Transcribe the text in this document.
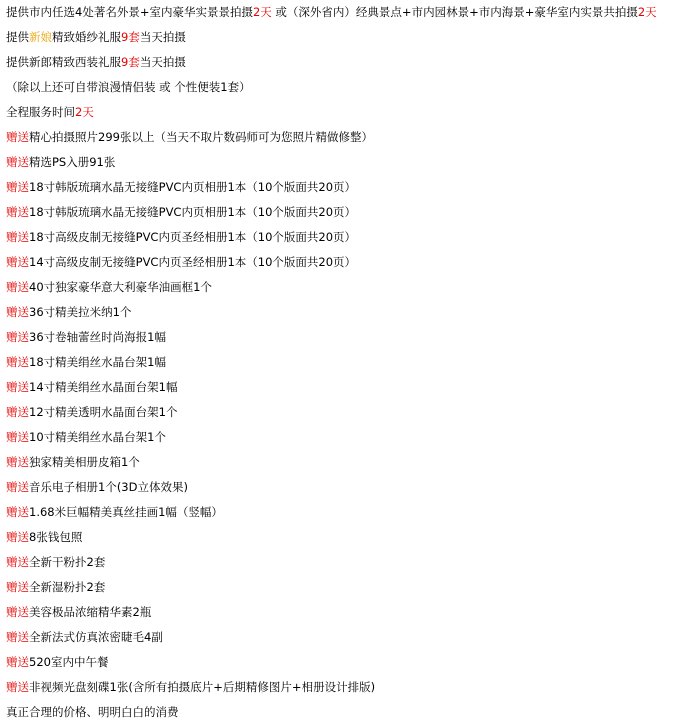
提供市内任选4处著名外景+室内豪华实景景拍摄2天 或（深外省内）经典景点+市内园林景+市内海景+豪华室内实景共拍摄2天
提供新娘精致婚纱礼服9套当天拍摄
提供新郎精致西装礼服9套当天拍摄
（除以上还可自带浪漫情侣装 或 个性便装1套）
全程服务时间2天
赠送精心拍摄照片299张以上（当天不取片数码师可为您照片精做修整）
赠送精选PS入册91张
赠送18寸韩版琉璃水晶无接缝PVC内页相册1本（10个版面共20页）
赠送18寸韩版琉璃水晶无接缝PVC内页相册1本（10个版面共20页）
赠送18寸高级皮制无接缝PVC内页圣经相册1本（10个版面共20页）
赠送14寸高级皮制无接缝PVC内页圣经相册1本（10个版面共20页）
赠送40寸独家豪华意大利豪华油画框1个
赠送36寸精美拉米纳1个
赠送36寸卷轴蕾丝时尚海报1幅
赠送18寸精美绢丝水晶台架1幅
赠送14寸精美绢丝水晶面台架1幅
赠送12寸精美透明水晶面台架1个
赠送10寸精美绢丝水晶台架1个
赠送独家精美相册皮箱1个
赠送音乐电子相册1个(3D立体效果)
赠送1.68米巨幅精美真丝挂画1幅（竖幅）
赠送8张钱包照
赠送全新干粉扑2套
赠送全新湿粉扑2套
赠送美容极品浓缩精华素2瓶
赠送全新法式仿真浓密睫毛4副
赠送520室内中午餐
赠送非视频光盘刻碟1张(含所有拍摄底片+后期精修图片+相册设计排版)
真正合理的价格、明明白白的消费
